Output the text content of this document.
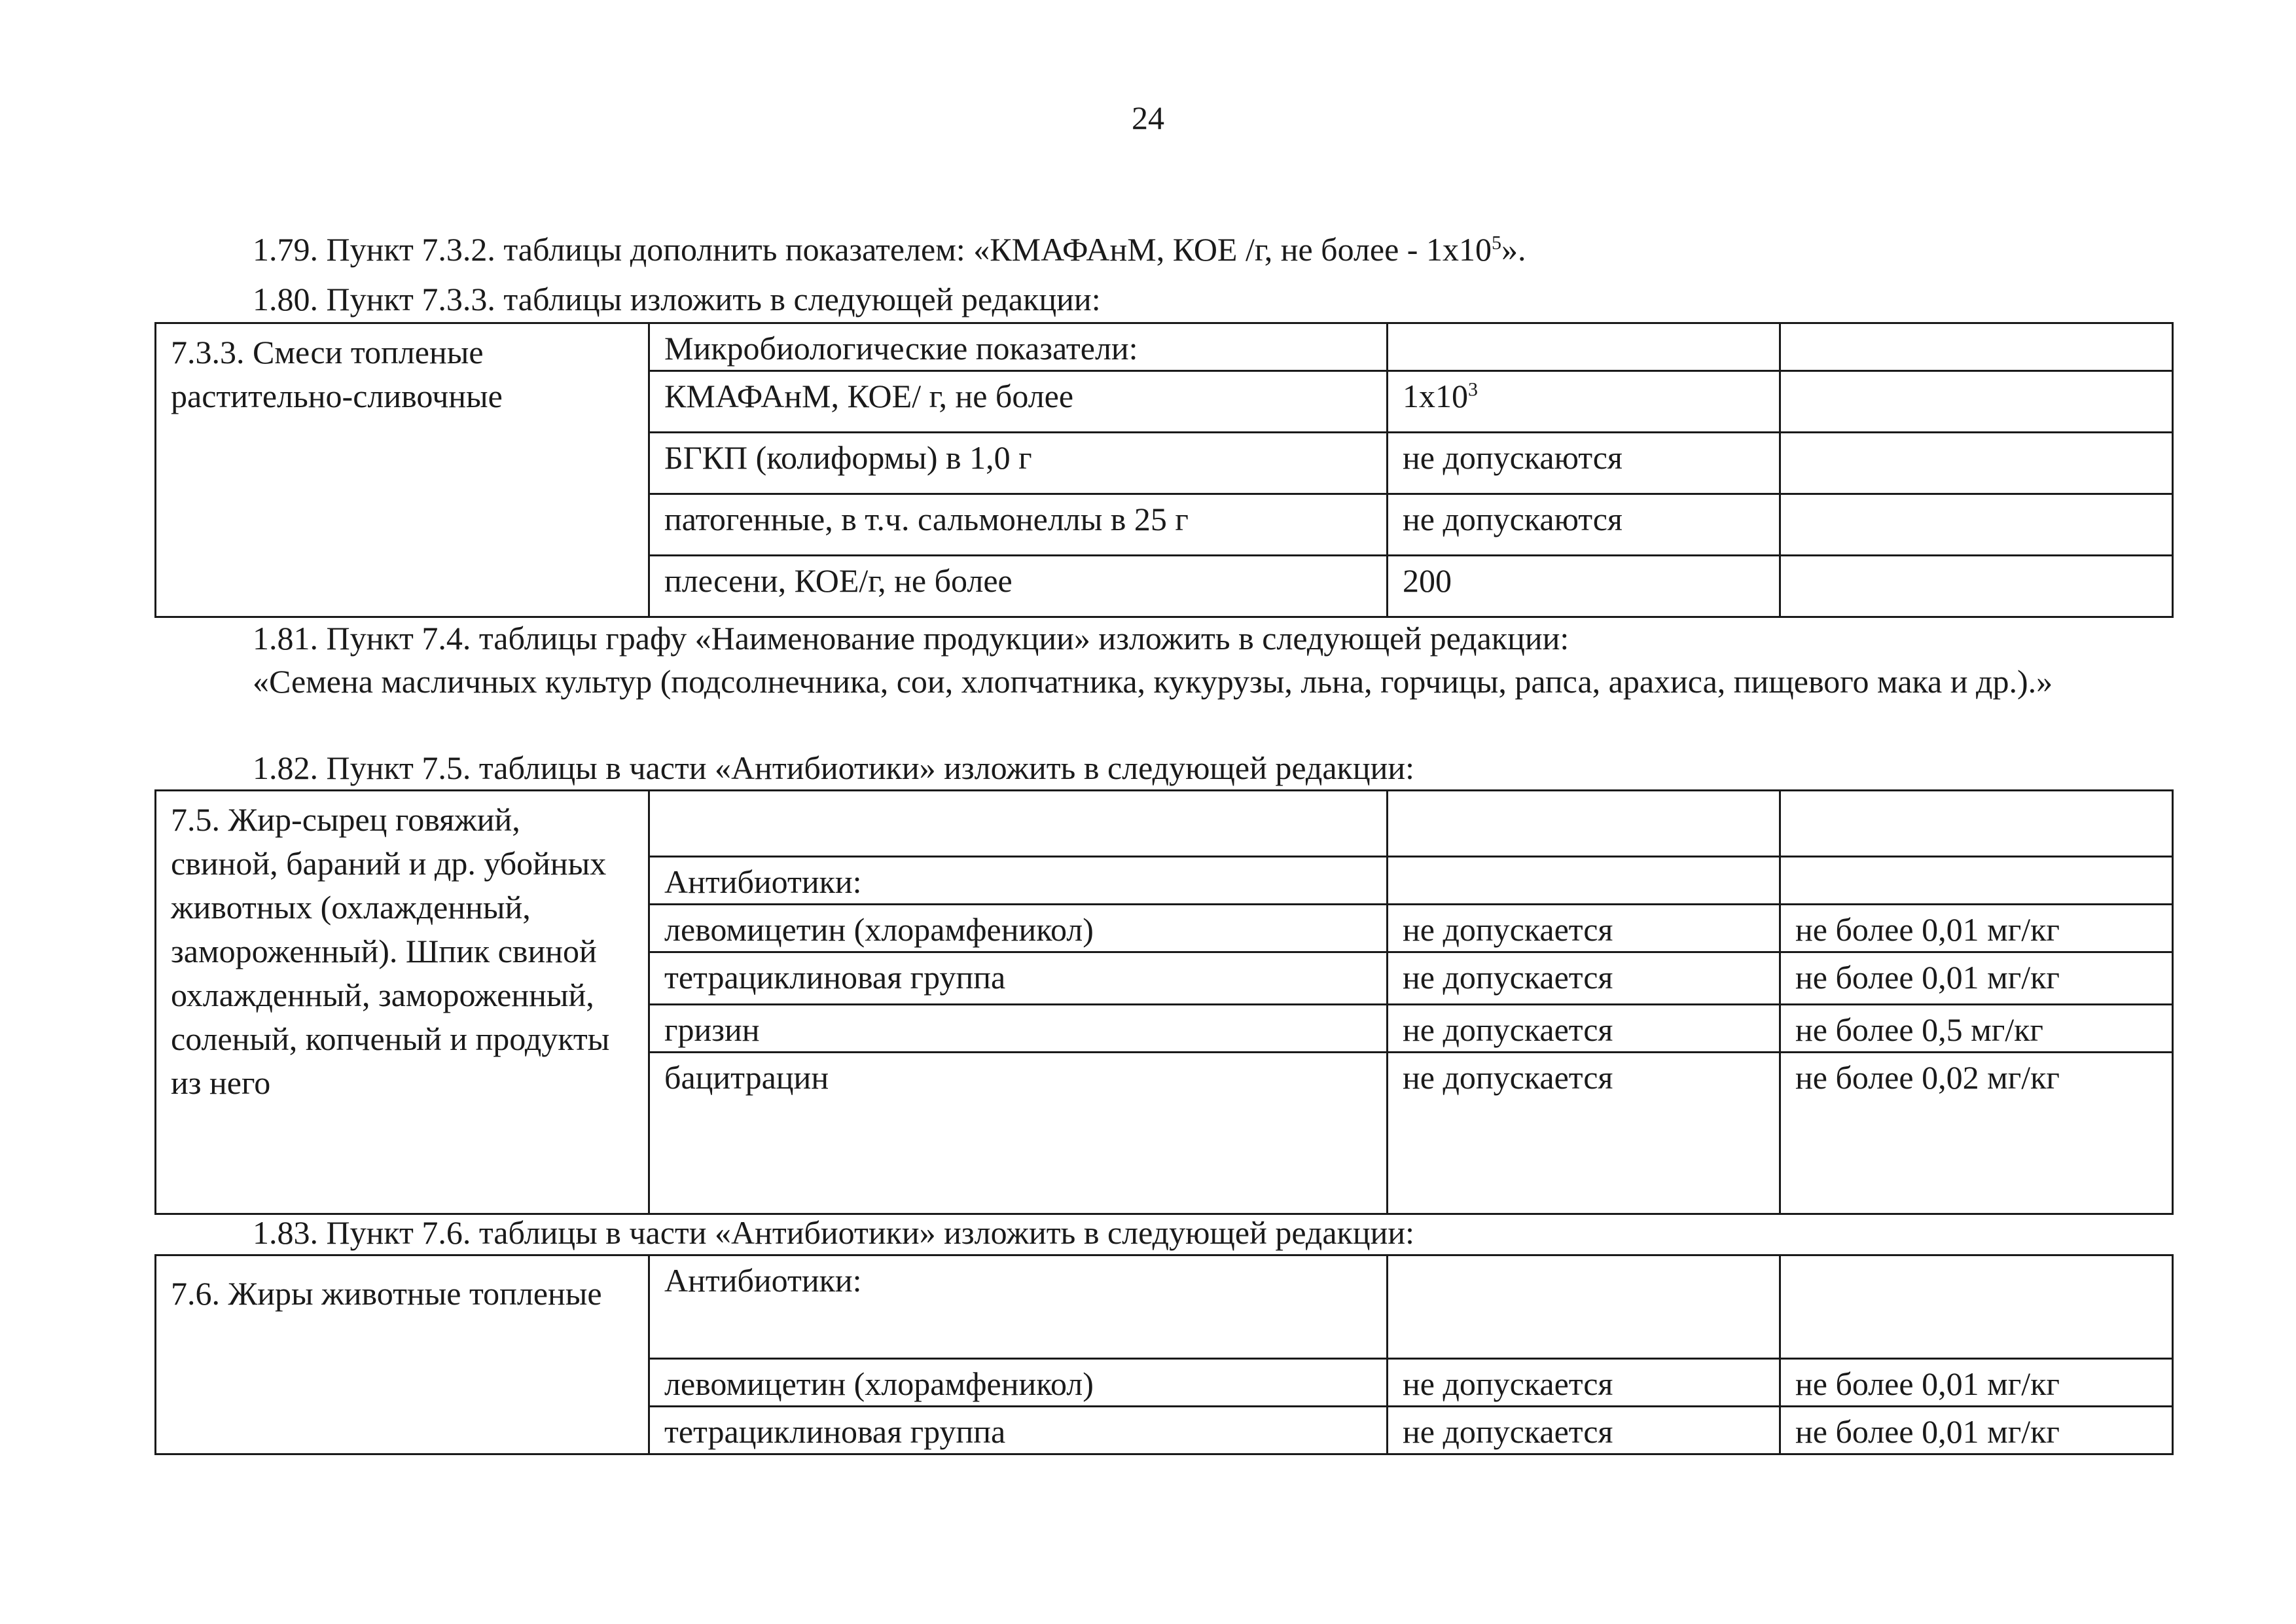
24
1.79. Пункт 7.3.2. таблицы дополнить показателем: «КМАФАнМ, КОЕ /г, не более - $1х10^5$».
1.80. Пункт 7.3.3. таблицы изложить в следующей редакции:
7.3.3. Смеси топленые растительно-сливочные	Микробиологические показатели:		
	КМАФАнМ, КОЕ/ г, не более	$1х10^3$	
	БГКП (колиформы) в 1,0 г	не допускаются	
	патогенные, в т.ч. сальмонеллы в 25 г	не допускаются	
	плесени, КОЕ/г, не более	200	
1.81. Пункт 7.4. таблицы графу «Наименование продукции» изложить в следующей редакции:
«Семена масличных культур (подсолнечника, сои, хлопчатника, кукурузы, льна, горчицы, рапса, арахиса, пищевого мака и др.).»
1.82. Пункт 7.5. таблицы в части «Антибиотики» изложить в следующей редакции:
7.5. Жир-сырец говяжий, свиной, бараний и др. убойных животных (охлажденный, замороженный). Шпик свиной охлажденный, замороженный, соленый, копченый и продукты из него			
	Антибиотики:		
	левомицетин (хлорамфеникол)	не допускается	не более 0,01 мг/кг
	тетрациклиновая группа	не допускается	не более 0,01 мг/кг
	гризин	не допускается	не более 0,5 мг/кг
	бацитрацин	не допускается	не более 0,02 мг/кг
1.83. Пункт 7.6. таблицы в части «Антибиотики» изложить в следующей редакции:
7.6. Жиры животные топленые	Антибиотики:		
	левомицетин (хлорамфеникол)	не допускается	не более 0,01 мг/кг
	тетрациклиновая группа	не допускается	не более 0,01 мг/кг
